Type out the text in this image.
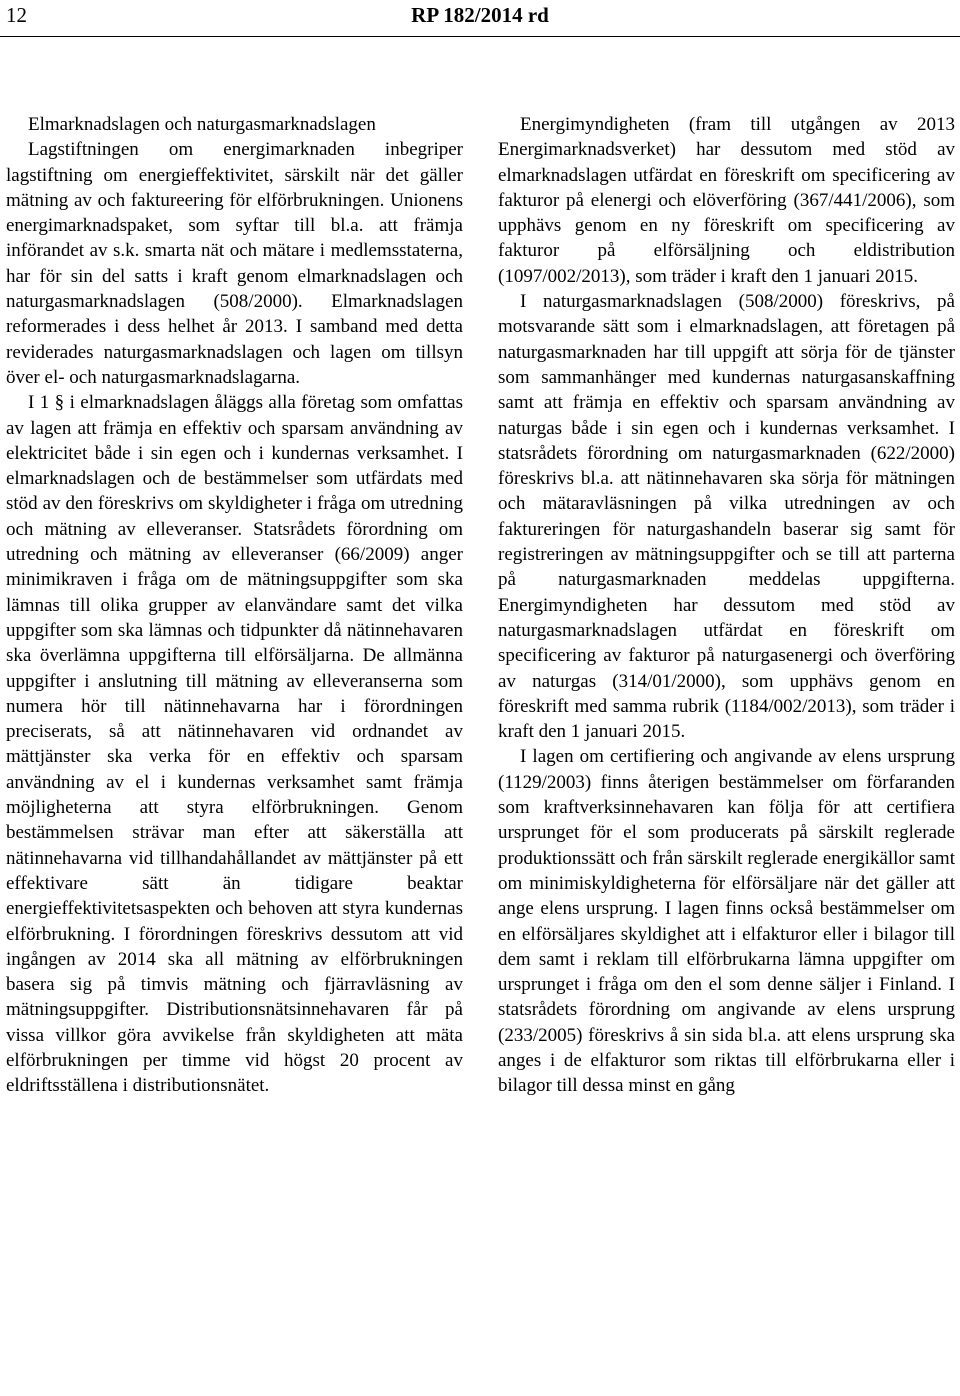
12	RP 182/2014 rd

Elmarknadslagen och naturgasmarknadslagen

Lagstiftningen om energimarknaden inbegriper lagstiftning om energieffektivitet, särskilt när det gäller mätning av och faktureering för elförbrukningen. Unionens energimarknadspaket, som syftar till bl.a. att främja införandet av s.k. smarta nät och mätare i medlemsstaterna, har för sin del satts i kraft genom elmarknadslagen och naturgasmarknadslagen (508/2000). Elmarknadslagen reformerades i dess helhet år 2013. I samband med detta reviderades naturgasmarknadslagen och lagen om tillsyn över el- och naturgasmarknadslagarna.

I 1 § i elmarknadslagen åläggs alla företag som omfattas av lagen att främja en effektiv och sparsam användning av elektricitet både i sin egen och i kundernas verksamhet. I elmarknadslagen och de bestämmelser som utfärdats med stöd av den föreskrivs om skyldigheter i fråga om utredning och mätning av elleveranser. Statsrådets förordning om utredning och mätning av elleveranser (66/2009) anger minimikraven i fråga om de mätningsuppgifter som ska lämnas till olika grupper av elanvändare samt det vilka uppgifter som ska lämnas och tidpunkter då nätinnehavaren ska överlämna uppgifterna till elförsäljarna. De allmänna uppgifter i anslutning till mätning av elleveranserna som numera hör till nätinnehavarna har i förordningen preciserats, så att nätinnehavaren vid ordnandet av mättjänster ska verka för en effektiv och sparsam användning av el i kundernas verksamhet samt främja möjligheterna att styra elförbrukningen. Genom bestämmelsen strävar man efter att säkerställa att nätinnehavarna vid tillhandahållandet av mättjänster på ett effektivare sätt än tidigare beaktar energieffektivitetsaspekten och behoven att styra kundernas elförbrukning. I förordningen föreskrivs dessutom att vid ingången av 2014 ska all mätning av elförbrukningen basera sig på timvis mätning och fjärravläsning av mätningsuppgifter. Distributionsnätsinnehavaren får på vissa villkor göra avvikelse från skyldigheten att mäta elförbrukningen per timme vid högst 20 procent av eldriftsställena i distributionsnätet.

Energimyndigheten (fram till utgången av 2013 Energimarknadsverket) har dessutom med stöd av elmarknadslagen utfärdat en föreskrift om specificering av fakturor på elenergi och elöverföring (367/441/2006), som upphävs genom en ny föreskrift om specificering av fakturor på elförsäljning och eldistribution (1097/002/2013), som träder i kraft den 1 januari 2015.

I naturgasmarknadslagen (508/2000) föreskrivs, på motsvarande sätt som i elmarknadslagen, att företagen på naturgasmarknaden har till uppgift att sörja för de tjänster som sammanhänger med kundernas naturgasanskaffning samt att främja en effektiv och sparsam användning av naturgas både i sin egen och i kundernas verksamhet. I statsrådets förordning om naturgasmarknaden (622/2000) föreskrivs bl.a. att nätinnehavaren ska sörja för mätningen och mätaravläsningen på vilka utredningen av och faktureringen för naturgashandeln baserar sig samt för registreringen av mätningsuppgifter och se till att parterna på naturgasmarknaden meddelas uppgifterna. Energimyndigheten har dessutom med stöd av naturgasmarknadslagen utfärdat en föreskrift om specificering av fakturor på naturgasenergi och överföring av naturgas (314/01/2000), som upphävs genom en föreskrift med samma rubrik (1184/002/2013), som träder i kraft den 1 januari 2015.

I lagen om certifiering och angivande av elens ursprung (1129/2003) finns återigen bestämmelser om förfaranden som kraftverksinnehavaren kan följa för att certifiera ursprunget för el som producerats på särskilt reglerade produktionssätt och från särskilt reglerade energikällor samt om minimiskyldigheterna för elförsäljare när det gäller att ange elens ursprung. I lagen finns också bestämmelser om en elförsäljares skyldighet att i elfakturor eller i bilagor till dem samt i reklam till elförbrukarna lämna uppgifter om ursprunget i fråga om den el som denne säljer i Finland. I statsrådets förordning om angivande av elens ursprung (233/2005) föreskrivs å sin sida bl.a. att elens ursprung ska anges i de elfakturor som riktas till elförbrukarna eller i bilagor till dessa minst en gång
